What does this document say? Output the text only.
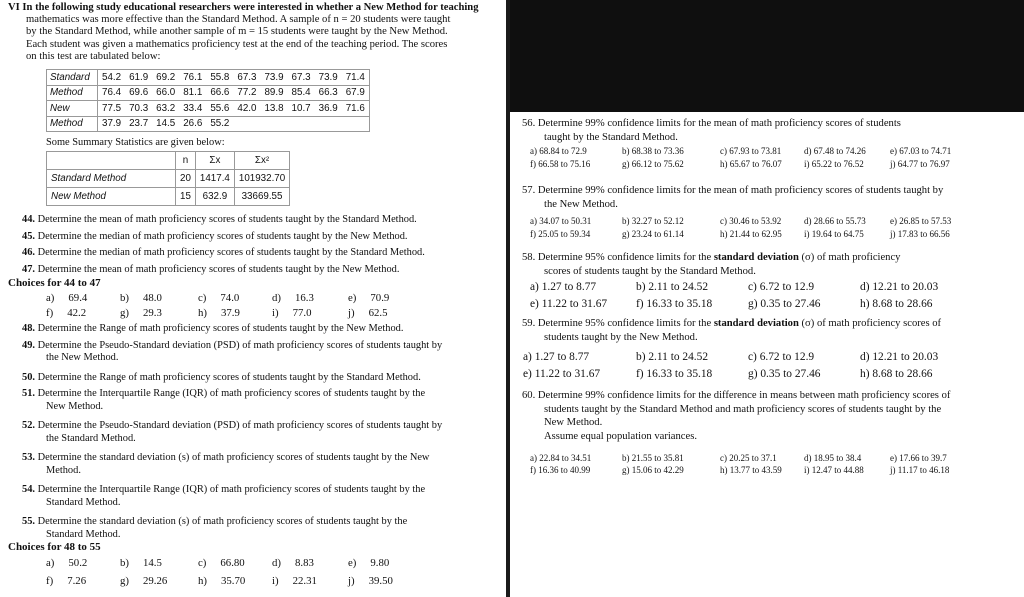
VI In the following study educational researchers were interested in whether a New Method for teaching
mathematics was more effective than the Standard Method. A sample of n = 20 students were taught
by the Standard Method, while another sample of m = 15 students were taught by the New Method.
Each student was given a mathematics proficiency test at the end of the teaching period. The scores
on this test are tabulated below:
Standard	54.2	61.9	69.2	76.1	55.8	67.3	73.9	67.3	73.9	71.4
Method	76.4	69.6	66.0	81.1	66.6	77.2	89.9	85.4	66.3	67.9
New	77.5	70.3	63.2	33.4	55.6	42.0	13.8	10.7	36.9	71.6
Method	37.9	23.7	14.5	26.6	55.2					
Some Summary Statistics are given below:
	n	Σx	Σx²
Standard Method	20	1417.4	101932.70
New Method	15	632.9	33669.55
44. Determine the mean of math proficiency scores of students taught by the Standard Method.
45. Determine the median of math proficiency scores of students taught by the New Method.
46. Determine the median of math proficiency scores of students taught by the Standard Method.
47. Determine the mean of math proficiency scores of students taught by the New Method.
Choices for 44 to 47
a) 69.4	b) 48.0	c) 74.0	d) 16.3	e) 70.9
f) 42.2	g) 29.3	h) 37.9	i) 77.0	j) 62.5
48. Determine the Range of math proficiency scores of students taught by the New Method.
49. Determine the Pseudo-Standard deviation (PSD) of math proficiency scores of students taught by
the New Method.
50. Determine the Range of math proficiency scores of students taught by the Standard Method.
51. Determine the Interquartile Range (IQR) of math proficiency scores of students taught by the
New Method.
52. Determine the Pseudo-Standard deviation (PSD) of math proficiency scores of students taught by
the Standard Method.
53. Determine the standard deviation (s) of math proficiency scores of students taught by the New
Method.
54. Determine the Interquartile Range (IQR) of math proficiency scores of students taught by the
Standard Method.
55. Determine the standard deviation (s) of math proficiency scores of students taught by the
Standard Method.
Choices for 48 to 55
a) 50.2	b) 14.5	c) 66.80	d) 8.83	e) 9.80
f) 7.26	g) 29.26	h) 35.70 i) 22.31	j) 39.50
56. Determine 99% confidence limits for the mean of math proficiency scores of students
taught by the Standard Method.
a) 68.84 to 72.9	b) 68.38 to 73.36	c) 67.93 to 73.81	d) 67.48 to 74.26	e) 67.03 to 74.71
f) 66.58 to 75.16	g) 66.12 to 75.62	h) 65.67 to 76.07 i) 65.22 to 76.52	j) 64.77 to 76.97
57. Determine 99% confidence limits for the mean of math proficiency scores of students taught by
the New Method.
a) 34.07 to 50.31	b) 32.27 to 52.12	c) 30.46 to 53.92	d) 28.66 to 55.73	e) 26.85 to 57.53
f) 25.05 to 59.34	g) 23.24 to 61.14	h) 21.44 to 62.95 i) 19.64 to 64.75	j) 17.83 to 66.56
58. Determine 95% confidence limits for the standard deviation (σ) of math proficiency
scores of students taught by the Standard Method.
a) 1.27 to 8.77	b) 2.11 to 24.52	c) 6.72 to 12.9	d) 12.21 to 20.03
e) 11.22 to 31.67	f) 16.33 to 35.18	g) 0.35 to 27.46	h) 8.68 to 28.66
59. Determine 95% confidence limits for the standard deviation (σ) of math proficiency scores of
students taught by the New Method.
a) 1.27 to 8.77	b) 2.11 to 24.52	c) 6.72 to 12.9	d) 12.21 to 20.03
e) 11.22 to 31.67	f) 16.33 to 35.18	g) 0.35 to 27.46	h) 8.68 to 28.66
60. Determine 99% confidence limits for the difference in means between math proficiency scores of
students taught by the Standard Method and math proficiency scores of students taught by the
New Method.
Assume equal population variances.
a) 22.84 to 34.51	b) 21.55 to 35.81	c) 20.25 to 37.1	d) 18.95 to 38.4	e) 17.66 to 39.7
f) 16.36 to 40.99	g) 15.06 to 42.29	h) 13.77 to 43.59 i) 12.47 to 44.88	j) 11.17 to 46.18
